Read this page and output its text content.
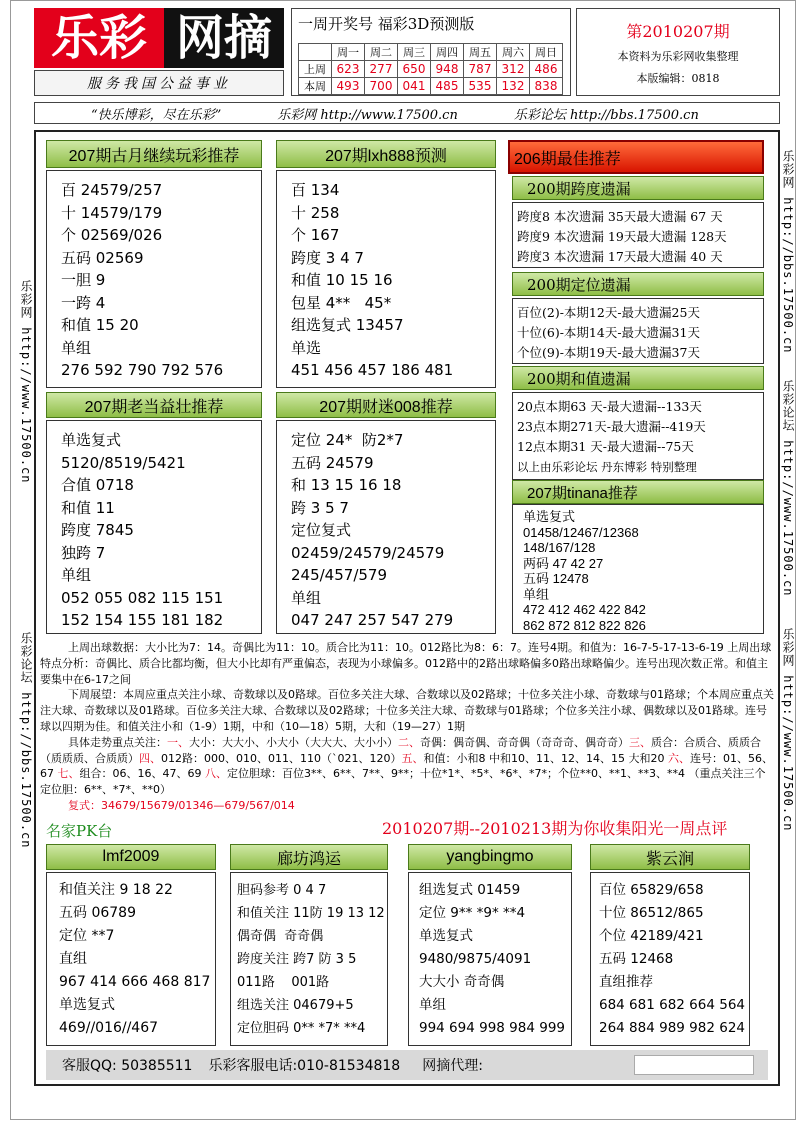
乐 彩 网 摘
服务我国公益事业
一周开奖号 福彩3D预测版
	周一	周二	周三	周四	周五	周六	周日
上周	623	277	650	948	787	312	486
本周	493	700	041	485	535	132	838
第2010207期
本资料为乐彩网收集整理
本版编辑：0818
“快乐博彩，尽在乐彩”	乐彩网 http://www.17500.cn	乐彩论坛 http://bbs.17500.cn
乐彩网 http://www.17500.cn
乐彩论坛 http://bbs.17500.cn
乐彩网 http://bbs.17500.cn
乐彩论坛 http://www.17500.cn
乐彩网 http://www.17500.cn
207期古月继续玩彩推荐
百 24579/257
十 14579/179
个 02569/026
五码 02569
一胆 9
一跨 4
和值 15 20
单组
276 592 790 792 576
207期lxh888预测
百 134
十 258
个 167
跨度 3 4 7
和值 10 15 16
包星 4**   45*
组选复式 13457
单选
451 456 457 186 481
207期老当益壮推荐
单选复式
5120/8519/5421
合值 0718
和值 11
跨度 7845
独跨 7
单组
052 055 082 115 151
152 154 155 181 182
207期财迷008推荐
定位 24*  防2*7
五码 24579
和 13 15 16 18
跨 3 5 7
定位复式
02459/24579/24579
245/457/579
单组
047 247 257 547 279
206期最佳推荐
200期跨度遗漏
跨度8 本次遗漏 35天最大遗漏 67 天
跨度9 本次遗漏 19天最大遗漏 128天
跨度3 本次遗漏 17天最大遗漏 40 天
200期定位遗漏
百位(2)-本期12天-最大遗漏25天
十位(6)-本期14天-最大遗漏31天
个位(9)-本期19天-最大遗漏37天
200期和值遗漏
20点本期63 天-最大遗漏--133天
23点本期271天-最大遗漏--419天
12点本期31 天-最大遗漏--75天
以上由乐彩论坛 丹东博彩 特别整理
207期tinana推荐
单选复式
01458/12467/12368
148/167/128
两码 47 42 27
五码 12478
单组
472 412 462 422 842
862 872 812 822 826

上周出球数据：大小比为7：14。奇偶比为11：10。质合比为11：10。012路比为8：6：7。连号4期。和值为：16-7-5-17-13-6-19 上周出球特点分析：奇偶比、质合比都均衡，但大小比却有严重偏态，表现为小球偏多。012路中的2路出球略偏多0路出球略偏少。连号出现次数正常。和值主要集中在6-17之间

下周展望：本周应重点关注小球、奇数球以及0路球。百位多关注大球、合数球以及02路球；十位多关注小球、奇数球与01路球；个本周应重点关注大球、奇数球以及01路球。百位多关注大球、合数球以及02路球；十位多关注大球、奇数球与01路球；个位多关注小球、偶数球以及01路球。连号球以四期为佳。和值关注小和（1-9）1期，中和（10—18）5期，大和（19—27）1期

具体走势重点关注：一、大小：大大小、小大小（大大大、大小小）二、奇偶：偶奇偶、奇奇偶（奇奇奇、偶奇奇）三、质合：合质合、质质合（质质质、合质质）四、012路：000、010、011、110（`021、120）五、和值：小和8 中和10、11、12、14、15 大和20 六、连号：01、56、67 七、组合：06、16、47、69 八、定位胆球：百位3**、6**、7**、9**；十位*1*、*5*、*6*、*7*；个位**0、**1、**3、**4 （重点关注三个定位胆：6**、*7*、**0）

复式：34679/15679/01346—679/567/014

名家PK台	2010207期--2010213期为你收集阳光一周点评
lmf2009
和值关注 9 18 22
五码 06789
定位 **7
直组
967 414 666 468 817
单选复式
469//016//467
廊坊鸿运
胆码参考 0 4 7
和值关注 11防 19 13 12
偶奇偶  奇奇偶
跨度关注 跨7 防 3 5
011路    001路
组选关注 04679+5
定位胆码 0** *7* **4
yangbingmo
组选复式 01459
定位 9** *9* **4
单选复式
9480/9875/4091
大大小 奇奇偶
单组
994 694 998 984 999
紫云涧
百位 65829/658
十位 86512/865
个位 42189/421
五码 12468
直组推荐
684 681 682 664 564
264 884 989 982 624
客服QQ: 50385511 乐彩客服电话:010-81534818 网摘代理:
